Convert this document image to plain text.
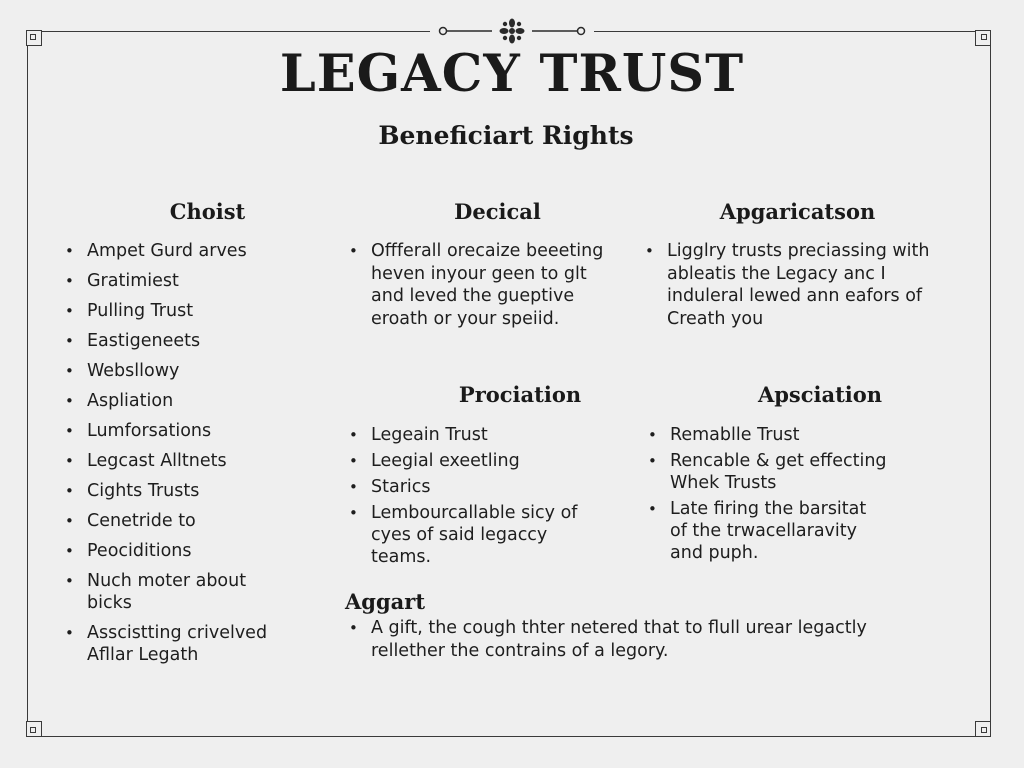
LEGACY TRUST
Beneficiart Rights
Choist
• Ampet Gurd arves
• Gratimiest
• Pulling Trust
• Eastigeneets
• Websllowy
• Aspliation
• Lumforsations
• Legcast Alltnets
• Cights Trusts
• Cenetride to
• Peociditions
• Nuch moter about bicks
• Asscistting crivelved Afllar Legath
Decical

• Offferall orecaize beeeting heven inyour geen to glt and leved the gueptive eroath or your speiid.

Apgaricatson

• Ligglry trusts preciassing with ableatis the Legacy anc I induleral lewed ann eafors of Creath you

Prociation
• Legeain Trust
• Leegial exeetling
• Starics
• Lembourcallable sicy of cyes of said legaccy teams.
Apsciation
• Remablle Trust
• Rencable & get effecting Whek Trusts
• Late firing the barsitat of the trwacellaravity and puph.
Aggart

• A gift, the cough thter netered that to flull urear legactly rellether the contrains of a legory.
